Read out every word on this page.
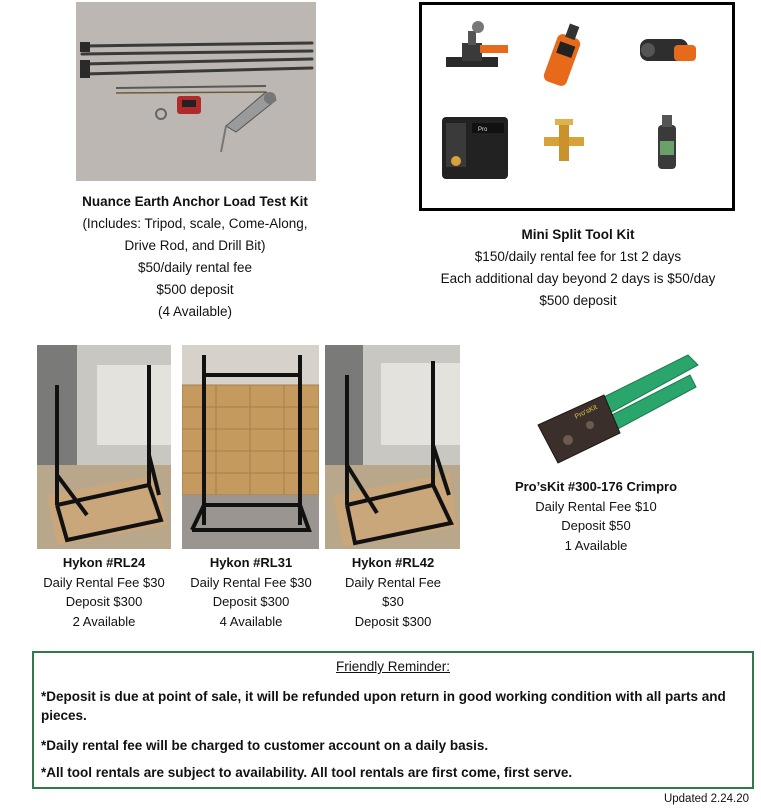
Nuance Earth Anchor Load Test Kit
(Includes: Tripod, scale, Come-Along,
Drive Rod, and Drill Bit)
$50/daily rental fee
$500 deposit
(4 Available)
Pro
Mini Split Tool Kit
$150/daily rental fee for 1st 2 days
Each additional day beyond 2 days is $50/day
$500 deposit
Hykon #RL24
Daily Rental Fee $30
Deposit $300
2 Available
Hykon #RL31
Daily Rental Fee $30
Deposit $300
4 Available
Hykon #RL42
Daily Rental Fee
$30
Deposit $300
Pro'sKit
Pro’sKit #300-176 Crimpro
Daily Rental Fee $10
Deposit $50
1 Available
Friendly Reminder:
*Deposit is due at point of sale, it will be refunded upon return in good working condition with all parts and pieces.
*Daily rental fee will be charged to customer account on a daily basis.
*All tool rentals are subject to availability. All tool rentals are first come, first serve.
Updated 2.24.20
